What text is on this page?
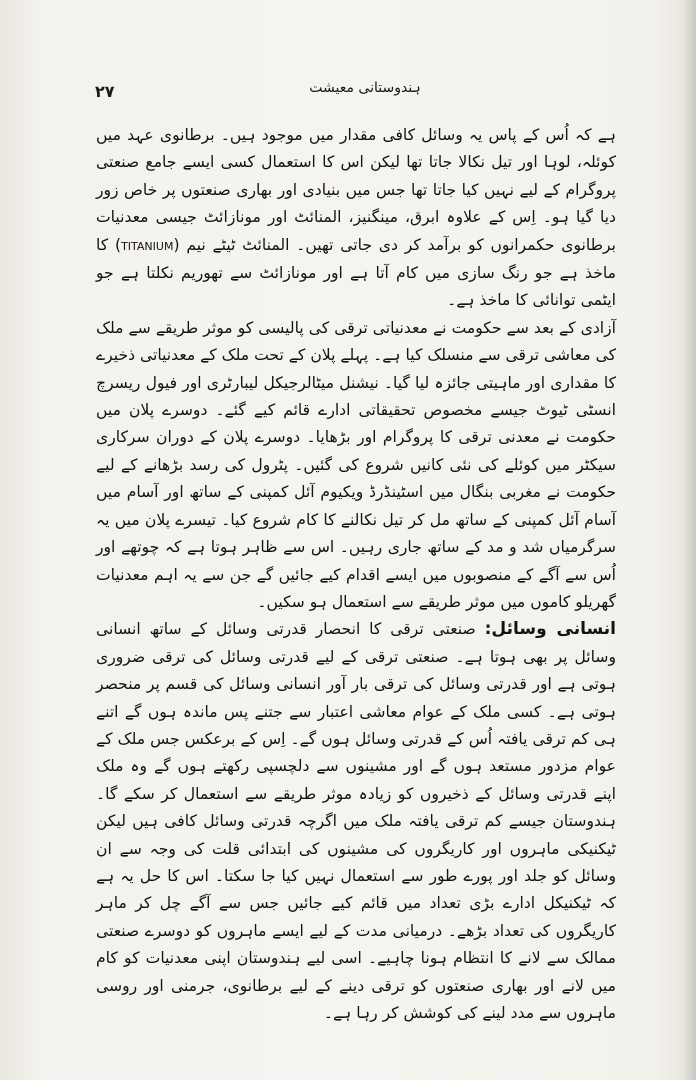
۲۷	ہندوستانی معیشت

ہے کہ اُس کے پاس یہ وسائل کافی مقدار میں موجود ہیں۔ برطانوی عہد میں کوئلہ، لوہا اور تیل نکالا جاتا تھا لیکن اس کا استعمال کسی ایسے جامع صنعتی پروگرام کے لیے نہیں کیا جاتا تھا جس میں بنیادی اور بھاری صنعتوں پر خاص زور دیا گیا ہو۔ اِس کے علاوہ ابرق، مینگنیز، المنائٹ اور مونازائٹ جیسی معدنیات برطانوی حکمرانوں کو برآمد کر دی جاتی تھیں۔ المنائٹ ٹیٹے نیم (TITANIUM) کا ماخذ ہے جو رنگ سازی میں کام آتا ہے اور مونازائٹ سے تھوریم نکلتا ہے جو ایٹمی توانائی کا ماخذ ہے۔

آزادی کے بعد سے حکومت نے معدنیاتی ترقی کی پالیسی کو موثر طریقے سے ملک کی معاشی ترقی سے منسلک کیا ہے۔ پہلے پلان کے تحت ملک کے معدنیاتی ذخیرے کا مقداری اور ماہیتی جائزہ لیا گیا۔ نیشنل میٹالرجیکل لیبارٹری اور فیول ریسرچ انسٹی ٹیوٹ جیسے مخصوص تحقیقاتی ادارے قائم کیے گئے۔ دوسرے پلان میں حکومت نے معدنی ترقی کا پروگرام اور بڑھایا۔ دوسرے پلان کے دوران سرکاری سیکٹر میں کوئلے کی نئی کانیں شروع کی گئیں۔ پٹرول کی رسد بڑھانے کے لیے حکومت نے مغربی بنگال میں اسٹینڈرڈ ویکیوم آئل کمپنی کے ساتھ اور آسام میں آسام آئل کمپنی کے ساتھ مل کر تیل نکالنے کا کام شروع کیا۔ تیسرے پلان میں یہ سرگرمیاں شد و مد کے ساتھ جاری رہیں۔ اس سے ظاہر ہوتا ہے کہ چوتھے اور اُس سے آگے کے منصوبوں میں ایسے اقدام کیے جائیں گے جن سے یہ اہم معدنیات گھریلو کاموں میں موثر طریقے سے استعمال ہو سکیں۔

انسانی وسائل: صنعتی ترقی کا انحصار قدرتی وسائل کے ساتھ انسانی وسائل پر بھی ہوتا ہے۔ صنعتی ترقی کے لیے قدرتی وسائل کی ترقی ضروری ہوتی ہے اور قدرتی وسائل کی ترقی بار آور انسانی وسائل کی قسم پر منحصر ہوتی ہے۔ کسی ملک کے عوام معاشی اعتبار سے جتنے پس ماندہ ہوں گے اتنے ہی کم ترقی یافتہ اُس کے قدرتی وسائل ہوں گے۔ اِس کے برعکس جس ملک کے عوام مزدور مستعد ہوں گے اور مشینوں سے دلچسپی رکھتے ہوں گے وہ ملک اپنے قدرتی وسائل کے ذخیروں کو زیادہ موثر طریقے سے استعمال کر سکے گا۔ ہندوستان جیسے کم ترقی یافتہ ملک میں اگرچہ قدرتی وسائل کافی ہیں لیکن ٹیکنیکی ماہروں اور کاریگروں کی مشینوں کی ابتدائی قلت کی وجہ سے ان وسائل کو جلد اور پورے طور سے استعمال نہیں کیا جا سکتا۔ اس کا حل یہ ہے کہ ٹیکنیکل ادارے بڑی تعداد میں قائم کیے جائیں جس سے آگے چل کر ماہر کاریگروں کی تعداد بڑھے۔ درمیانی مدت کے لیے ایسے ماہروں کو دوسرے صنعتی ممالک سے لانے کا انتظام ہونا چاہیے۔ اسی لیے ہندوستان اپنی معدنیات کو کام میں لانے اور بھاری صنعتوں کو ترقی دینے کے لیے برطانوی، جرمنی اور روسی ماہروں سے مدد لینے کی کوشش کر رہا ہے۔
